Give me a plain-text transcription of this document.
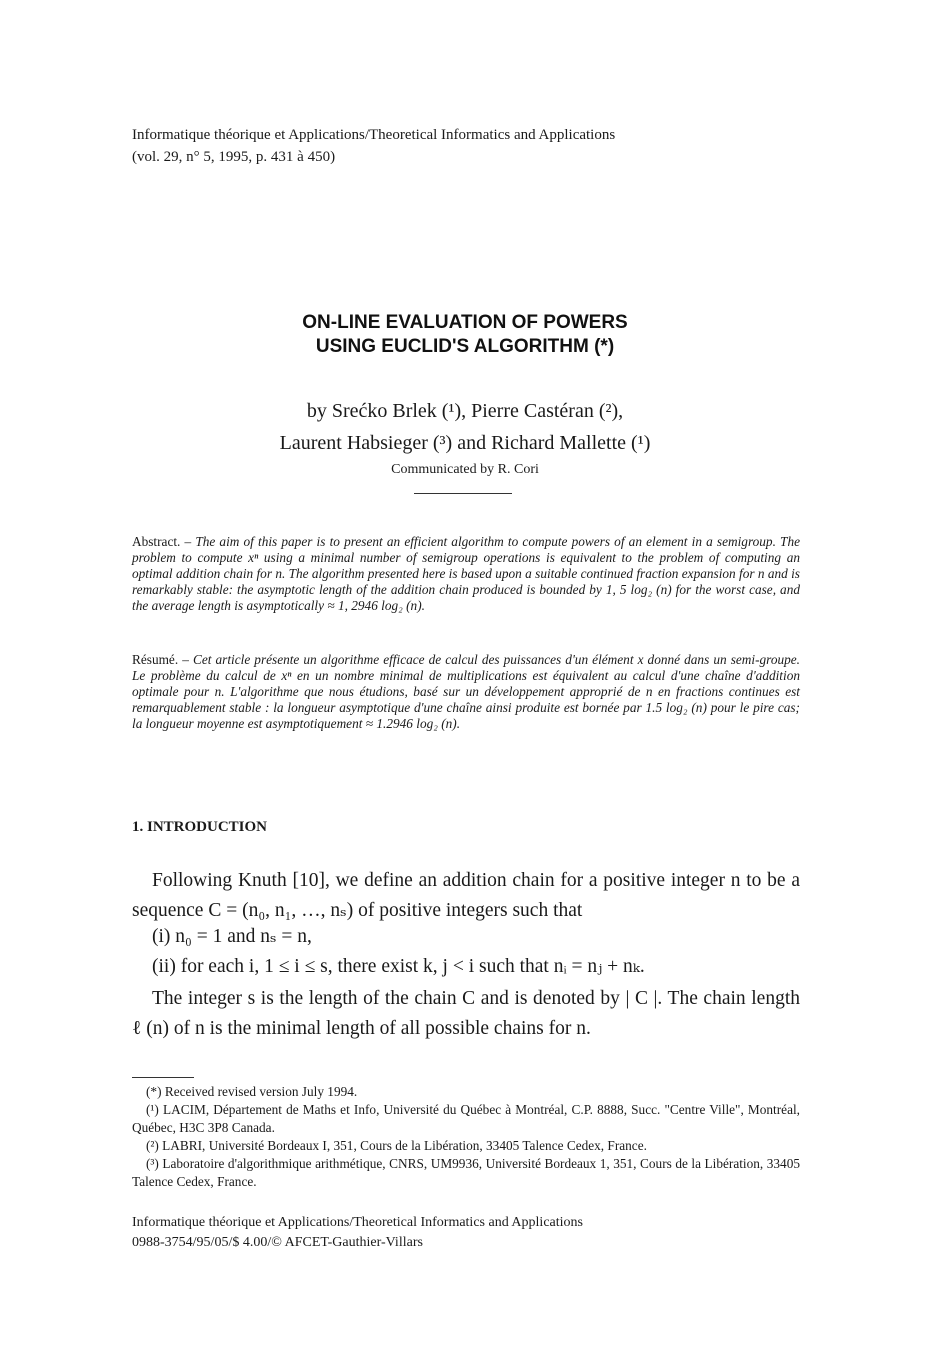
Informatique théorique et Applications/Theoretical Informatics and Applications
(vol. 29, n° 5, 1995, p. 431 à 450)
ON-LINE EVALUATION OF POWERS
USING EUCLID'S ALGORITHM (*)
by Srećko Brlek (¹), Pierre Castéran (²),
Laurent Habsieger (³) and Richard Mallette (¹)
Communicated by R. Cori
Abstract. – The aim of this paper is to present an efficient algorithm to compute powers of an element in a semigroup. The problem to compute xⁿ using a minimal number of semigroup operations is equivalent to the problem of computing an optimal addition chain for n. The algorithm presented here is based upon a suitable continued fraction expansion for n and is remarkably stable: the asymptotic length of the addition chain produced is bounded by 1, 5 log₂ (n) for the worst case, and the average length is asymptotically ≈ 1, 2946 log₂ (n).
Résumé. – Cet article présente un algorithme efficace de calcul des puissances d'un élément x donné dans un semi-groupe. Le problème du calcul de xⁿ en un nombre minimal de multiplications est équivalent au calcul d'une chaîne d'addition optimale pour n. L'algorithme que nous étudions, basé sur un développement approprié de n en fractions continues est remarquablement stable : la longueur asymptotique d'une chaîne ainsi produite est bornée par 1.5 log₂ (n) pour le pire cas; la longueur moyenne est asymptotiquement ≈ 1.2946 log₂ (n).
1. INTRODUCTION
Following Knuth [10], we define an addition chain for a positive integer n to be a sequence C = (n₀, n₁, …, nₛ) of positive integers such that
(i) n₀ = 1 and nₛ = n,
(ii) for each i, 1 ≤ i ≤ s, there exist k, j < i such that nᵢ = nⱼ + nₖ.
The integer s is the length of the chain C and is denoted by | C |. The chain length ℓ (n) of n is the minimal length of all possible chains for n.

(*) Received revised version July 1994.

(¹) LACIM, Département de Maths et Info, Université du Québec à Montréal, C.P. 8888, Succ. "Centre Ville", Montréal, Québec, H3C 3P8 Canada.

(²) LABRI, Université Bordeaux I, 351, Cours de la Libération, 33405 Talence Cedex, France.

(³) Laboratoire d'algorithmique arithmétique, CNRS, UM9936, Université Bordeaux 1, 351, Cours de la Libération, 33405 Talence Cedex, France.

Informatique théorique et Applications/Theoretical Informatics and Applications
0988-3754/95/05/$ 4.00/© AFCET-Gauthier-Villars
